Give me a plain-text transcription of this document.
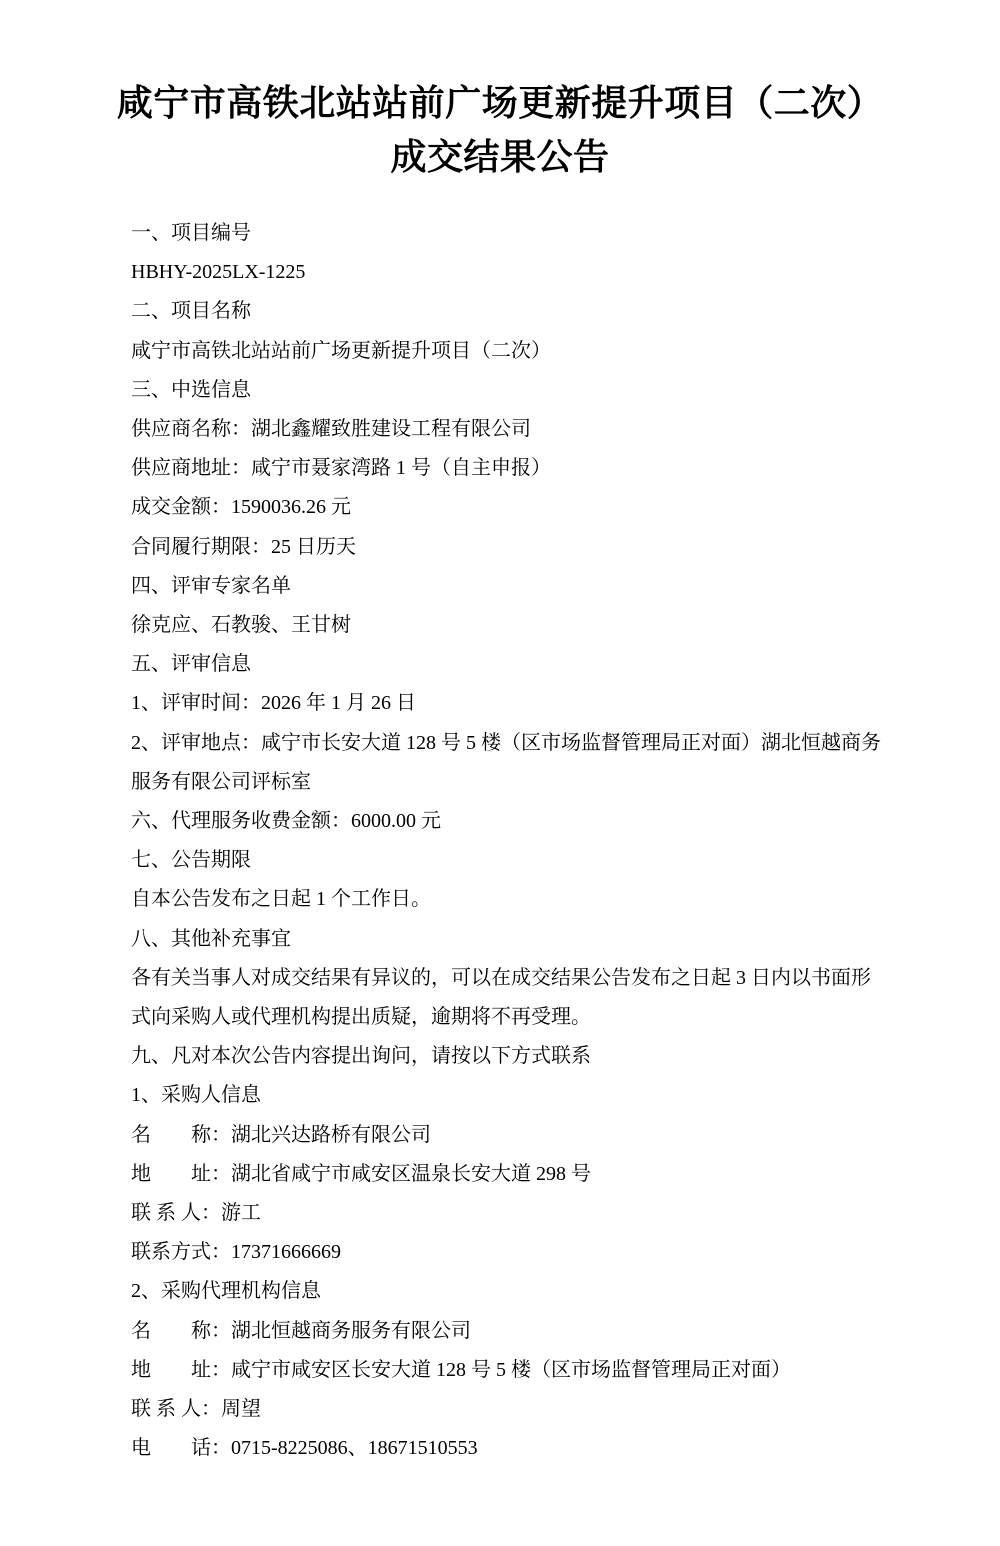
咸宁市高铁北站站前广场更新提升项目（二次）
成交结果公告

一、项目编号

HBHY-2025LX-1225

二、项目名称

咸宁市高铁北站站前广场更新提升项目（二次）

三、中选信息

供应商名称：湖北鑫耀致胜建设工程有限公司

供应商地址：咸宁市聂家湾路 1 号（自主申报）

成交金额：1590036.26 元

合同履行期限：25 日历天

四、评审专家名单

徐克应、石教骏、王甘树

五、评审信息

1、评审时间：2026 年 1 月 26 日

2、评审地点：咸宁市长安大道 128 号 5 楼（区市场监督管理局正对面）湖北恒越商务

服务有限公司评标室

六、代理服务收费金额：6000.00 元

七、公告期限

自本公告发布之日起 1 个工作日。

八、其他补充事宜

各有关当事人对成交结果有异议的，可以在成交结果公告发布之日起 3 日内以书面形

式向采购人或代理机构提出质疑，逾期将不再受理。

九、凡对本次公告内容提出询问，请按以下方式联系

1、采购人信息

名　　称：湖北兴达路桥有限公司

地　　址：湖北省咸宁市咸安区温泉长安大道 298 号

联 系 人：游工

联系方式：17371666669

2、采购代理机构信息

名　　称：湖北恒越商务服务有限公司

地　　址：咸宁市咸安区长安大道 128 号 5 楼（区市场监督管理局正对面）

联 系 人：周望

电　　话：0715-8225086、18671510553
